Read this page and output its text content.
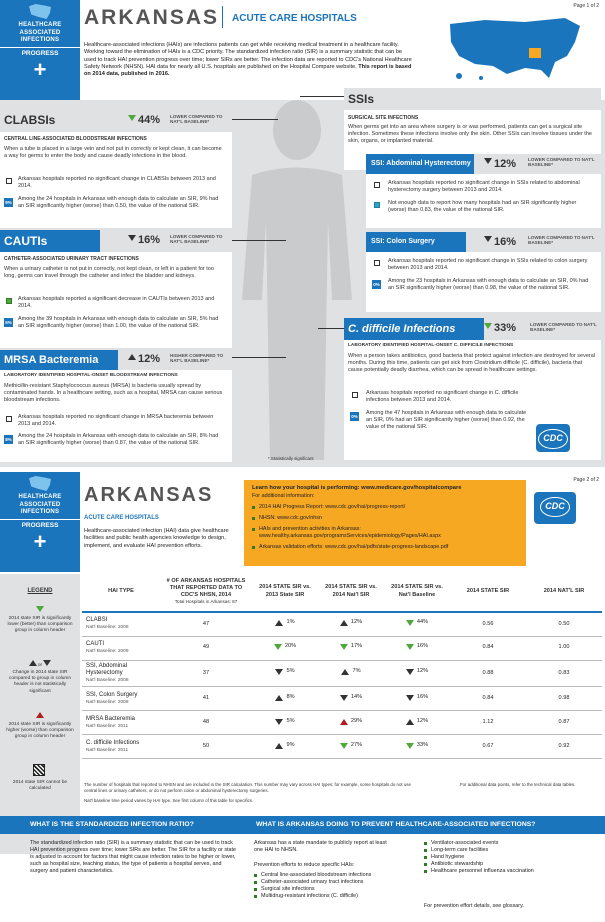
Page 1 of 2
HEALTHCARE
ASSOCIATED
INFECTIONS
PROGRESS
+
ARKANSAS ACUTE CARE HOSPITALS
Healthcare-associated infections (HAIs) are infections patients can get while receiving medical treatment in a healthcare facility. Working toward the elimination of HAIs is a CDC priority. The standardized infection ratio (SIR) is a summary statistic that can be used to track HAI prevention progress over time; lower SIRs are better. The infection data are reported to CDC's National Healthcare Safety Network (NHSN). HAI data for nearly all U.S. hospitals are published on the Hospital Compare website. This report is based on 2014 data, published in 2016.
CLABSIs	44% LOWER COMPARED TO NAT'L BASELINE*
CENTRAL LINE-ASSOCIATED BLOODSTREAM INFECTIONS
When a tube is placed in a large vein and not put in correctly or kept clean, it can become a way for germs to enter the body and cause deadly infections in the blood.
Arkansas hospitals reported no significant change in CLABSIs between 2013 and 2014.
9%
Among the 24 hospitals in Arkansas with enough data to calculate an SIR, 9% had an SIR significantly higher (worse) than 0.50, the value of the national SIR.
CAUTIs	16% LOWER COMPARED TO NAT'L BASELINE*
CATHETER-ASSOCIATED URINARY TRACT INFECTIONS
When a urinary catheter is not put in correctly, not kept clean, or left in a patient for too long, germs can travel through the catheter and infect the bladder and kidneys.
Arkansas hospitals reported a significant decrease in CAUTIs between 2013 and 2014.
5%
Among the 39 hospitals in Arkansas with enough data to calculate an SIR, 5% had an SIR significantly higher (worse) than 1.00, the value of the national SIR.
MRSA Bacteremia	12% HIGHER COMPARED TO NAT'L BASELINE*
LABORATORY IDENTIFIED HOSPITAL-ONSET BLOODSTREAM INFECTIONS
Methicillin-resistant Staphylococcus aureus (MRSA) is bacteria usually spread by contaminated hands. In a healthcare setting, such as a hospital, MRSA can cause serious bloodstream infections.
Arkansas hospitals reported no significant change in MRSA bacteremia between 2013 and 2014.
8%
Among the 24 hospitals in Arkansas with enough data to calculate an SIR, 8% had an SIR significantly higher (worse) than 0.87, the value of the national SIR.
SSIs
SURGICAL SITE INFECTIONS
When germs get into an area where surgery is or was performed, patients can get a surgical site infection. Sometimes these infections involve only the skin. Other SSIs can involve tissues under the skin, organs, or implanted material.
SSI: Abdominal Hysterectomy 12%	LOWER COMPARED TO NAT'L BASELINE*
Arkansas hospitals reported no significant change in SSIs related to abdominal hysterectomy surgery between 2013 and 2014.
Not enough data to report how many hospitals had an SIR significantly higher (worse) than 0.83, the value of the national SIR.
SSI: Colon Surgery	16%	LOWER COMPARED TO NAT'L BASELINE*
Arkansas hospitals reported no significant change in SSIs related to colon surgery between 2013 and 2014.
0%
Among the 23 hospitals in Arkansas with enough data to calculate an SIR, 0% had an SIR significantly higher (worse) than 0.98, the value of the national SIR.
C. difficile Infections	33%	LOWER COMPARED TO NAT'L BASELINE*
LABORATORY IDENTIFIED HOSPITAL-ONSET C. DIFFICILE INFECTIONS
When a person takes antibiotics, good bacteria that protect against infection are destroyed for several months. During this time, patients can get sick from Clostridium difficile (C. difficile), bacteria that cause potentially deadly diarrhea, which can be spread in healthcare settings.
Arkansas hospitals reported no significant change in C. difficile infections between 2013 and 2014.
0%
Among the 47 hospitals in Arkansas with enough data to calculate an SIR, 0% had an SIR significantly higher (worse) than 0.92, the value of the national SIR.
CDC
* Statistically significant
Page 2 of 2
HEALTHCARE
ASSOCIATED
INFECTIONS
PROGRESS
+
ARKANSAS
ACUTE CARE HOSPITALS
Healthcare-associated infection (HAI) data give healthcare facilities and public health agencies knowledge to design, implement, and evaluate HAI prevention efforts.
Learn how your hospital is performing: www.medicare.gov/hospitalcompare
For additional information:
2014 HAI Progress Report: www.cdc.gov/hai/progress-report/
NHSN: www.cdc.gov/nhsn
HAIs and prevention activities in Arkansas: www.healthy.arkansas.gov/programsServices/epidemiology/Pages/HAI.aspx
Arkansas validation efforts: www.cdc.gov/hai/pdfs/state-progress-landscape.pdf
CDC
LEGEND
2014 state SIR is significantly lower (better) than comparison group in column header
or
Change in 2014 state SIR compared to group in column header is not statistically significant
2014 state SIR is significantly higher (worse) than comparison group in column header
2014 state SIR cannot be calculated
HAI TYPE	# OF ARKANSAS HOSPITALS THAT REPORTED DATA TO CDC'S NHSN, 2014
Total Hospitals in Arkansas: 87	2014 STATE SIR vs. 2013 State SIR	2014 STATE SIR vs. 2014 Nat'l SIR	2014 STATE SIR vs. Nat'l Baseline	2014 STATE SIR	2014 NAT'L SIR

CLABSI
Nat'l Baseline: 2008	47	1%	12%	44%	0.56	0.50

CAUTI
Nat'l Baseline: 2009	49	20%	17%	16%	0.84	1.00

SSI, Abdominal Hysterectomy
Nat'l Baseline: 2008	37	5%	7%	12%	0.88	0.83

SSI, Colon Surgery
Nat'l Baseline: 2008	41	8%	14%	16%	0.84	0.98

MRSA Bacteremia
Nat'l Baseline: 2011	48	5%	29%	12%	1.12	0.87

C. difficile Infections
Nat'l Baseline: 2011	50	9%	27%	33%	0.67	0.92
The number of hospitals that reported to NHSN and are included in the SIR calculation. This number may vary across HAI types; for example, some hospitals do not use central lines or urinary catheters, or do not perform colon or abdominal hysterectomy surgeries.
For additional data points, refer to the technical data tables.
Nat'l baseline time period varies by HAI type. See first column of this table for specifics.
WHAT IS THE STANDARDIZED INFECTION RATIO?	WHAT IS ARKANSAS DOING TO PREVENT HEALTHCARE-ASSOCIATED INFECTIONS?
The standardized infection ratio (SIR) is a summary statistic that can be used to track HAI prevention progress over time; lower SIRs are better. The SIR for a facility or state is adjusted to account for factors that might cause infection rates to be higher or lower, such as hospital size, teaching status, the type of patients a hospital serves, and surgery and patient characteristics.
Arkansas has a state mandate to publicly report at least one HAI to NHSN.
Prevention efforts to reduce specific HAIs:
Central line-associated bloodstream infections
Catheter-associated urinary tract infections
Surgical site infections
Multidrug-resistant infections (C. difficile)
Ventilator-associated events
Long-term care facilities
Hand hygiene
Antibiotic stewardship
Healthcare personnel influenza vaccination
For prevention effort details, see glossary.
